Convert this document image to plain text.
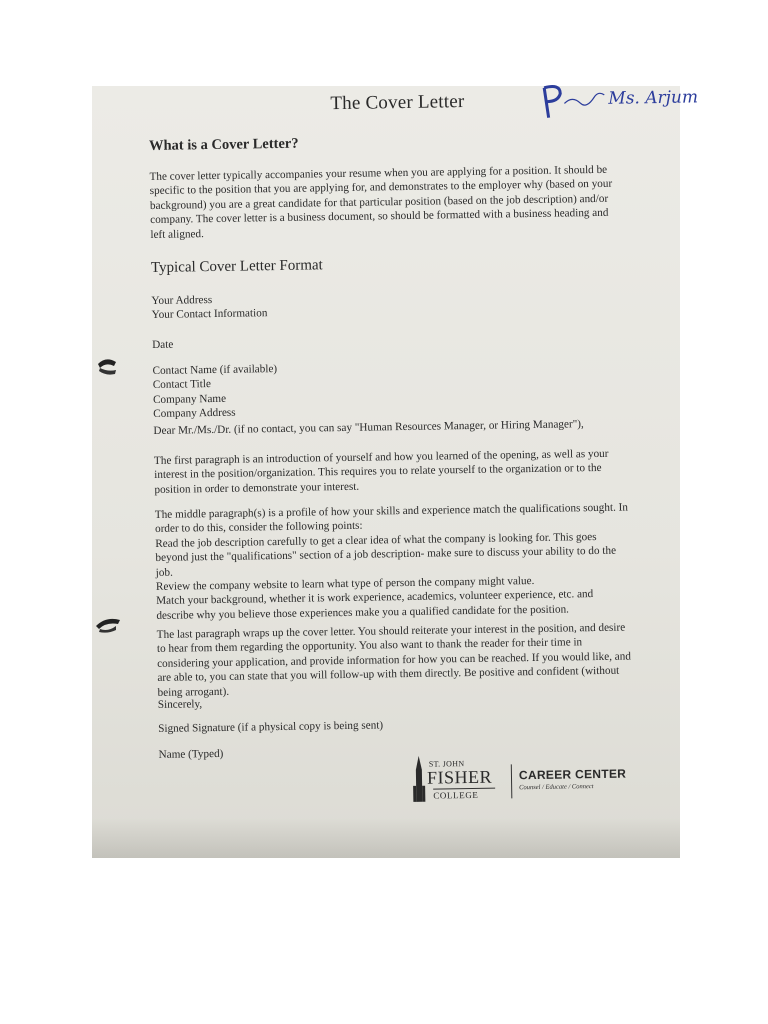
The Cover Letter	Ms. Arjum
What is a Cover Letter?
The cover letter typically accompanies your resume when you are applying for a position. It should be
specific to the position that you are applying for, and demonstrates to the employer why (based on your
background) you are a great candidate for that particular position (based on the job description) and/or
company. The cover letter is a business document, so should be formatted with a business heading and
left aligned.
Typical Cover Letter Format
Your Address
Your Contact Information
Date
Contact Name (if available)
Contact Title
Company Name
Company Address
Dear Mr./Ms./Dr. (if no contact, you can say "Human Resources Manager, or Hiring Manager"),
The first paragraph is an introduction of yourself and how you learned of the opening, as well as your
interest in the position/organization. This requires you to relate yourself to the organization or to the
position in order to demonstrate your interest.
The middle paragraph(s) is a profile of how your skills and experience match the qualifications sought. In
order to do this, consider the following points:
Read the job description carefully to get a clear idea of what the company is looking for. This goes
beyond just the "qualifications" section of a job description- make sure to discuss your ability to do the
job.
Review the company website to learn what type of person the company might value.
Match your background, whether it is work experience, academics, volunteer experience, etc. and
describe why you believe those experiences make you a qualified candidate for the position.
The last paragraph wraps up the cover letter. You should reiterate your interest in the position, and desire
to hear from them regarding the opportunity. You also want to thank the reader for their time in
considering your application, and provide information for how you can be reached. If you would like, and
are able to, you can state that you will follow-up with them directly. Be positive and confident (without
being arrogant).
Sincerely,
Signed Signature (if a physical copy is being sent)
Name (Typed)
ST. JOHN
FISHER
COLLEGE
CAREER CENTER
Counsel / Educate / Connect
